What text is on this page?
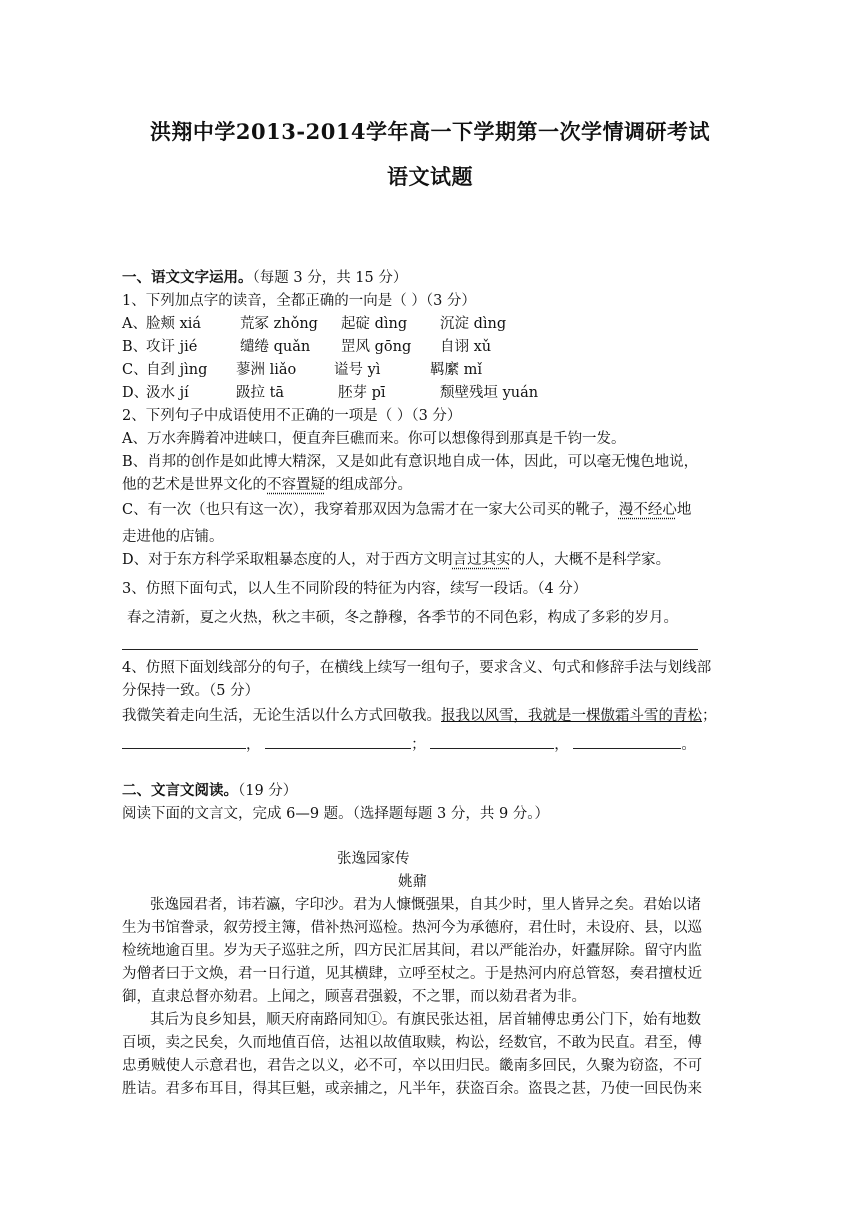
洪翔中学2013-2014学年高一下学期第一次学情调研考试
语文试题
一、语文文字运用。（每题 3 分，共 15 分）
1、下列加点字的读音，全都正确的一向是（ ）（3 分）
A、 脸颊 xiá	荒冢 zhǒng 起碇 dìng 沉淀 dìng
B、
攻讦 jié	缱绻 quǎn 罡风 gōng 自诩 xǔ
C、
自刭 jìng 蓼洲 liǎo	谥号 yì	羁縻 mǐ
D、
汲水 jí	趿拉 tā	胚芽 pī	颓壁残垣 yuán
2、下列句子中成语使用不正确的一项是（ ）（3 分）
A、万水奔腾着冲进峡口，便直奔巨礁而来。你可以想像得到那真是千钧一发。
B、肖邦的创作是如此博大精深，又是如此有意识地自成一体，因此，可以毫无愧色地说，
他的艺术是世界文化的不容置疑的组成部分。
C、有一次（也只有这一次），我穿着那双因为急需才在一家大公司买的靴子，漫不经心地
走进他的店铺。
D、对于东方科学采取粗暴态度的人，对于西方文明言过其实的人，大概不是科学家。
3、仿照下面句式，以人生不同阶段的特征为内容，续写一段话。（4 分）
春之清新，夏之火热，秋之丰硕，冬之静穆，各季节的不同色彩，构成了多彩的岁月。
4、仿照下面划线部分的句子，在横线上续写一组句子，要求含义、句式和修辞手法与划线部
分保持一致。（5 分）
我微笑着走向生活，无论生活以什么方式回敬我。报我以风雪，我就是一棵傲霜斗雪的青松；
，	；	，	。
二、文言文阅读。（19 分）
阅读下面的文言文，完成 6—9 题。（选择题每题 3 分，共 9 分。）
张逸园家传
姚鼐
张逸园君者，讳若瀛，字印沙。君为人慷慨强果，自其少时，里人皆异之矣。君始以诸
生为书馆誊录，叙劳授主簿，借补热河巡检。热河今为承德府，君仕时，未设府、县，以巡
检统地逾百里。岁为天子巡驻之所，四方民汇居其间，君以严能治办，奸蠹屏除。留守内监
为僧者曰于文焕，君一日行道，见其横肆，立呼至杖之。于是热河内府总管怒，奏君擅杖近
御，直隶总督亦劾君。上闻之，顾喜君强毅，不之罪，而以劾君者为非。
其后为良乡知县，顺天府南路同知①。有旗民张达祖，居首辅傅忠勇公门下，始有地数
百顷，卖之民矣，久而地值百倍，达祖以故值取赎，构讼，经数官，不敢为民直。君至，傅
忠勇贼使人示意君也，君告之以义，必不可，卒以田归民。畿南多回民，久聚为窃盗，不可
胜诘。君多布耳目，得其巨魁，或亲捕之，凡半年，获盗百余。盗畏之甚，乃使一回民伪来
